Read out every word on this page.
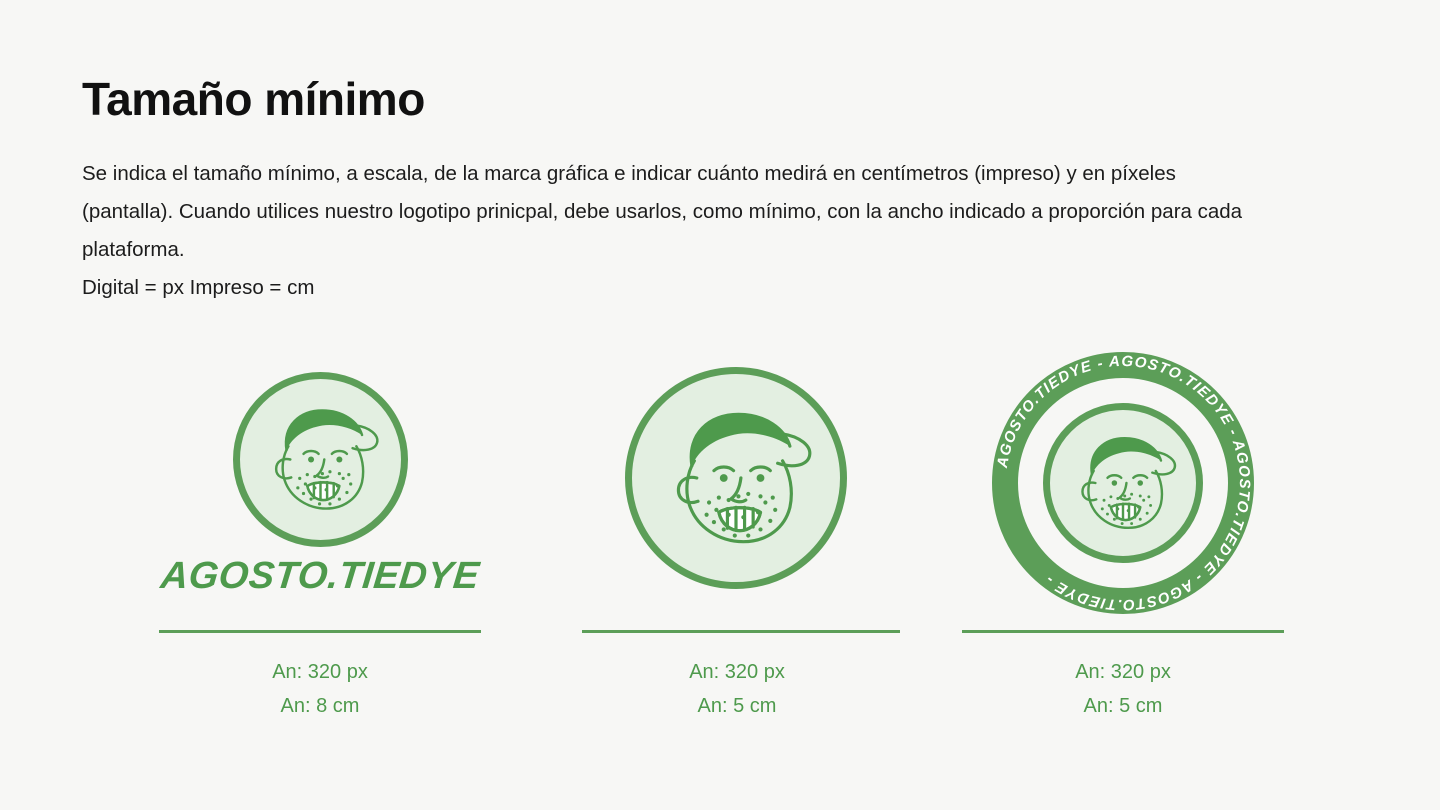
Tamaño mínimo

Se indica el tamaño mínimo, a escala, de la marca gráfica e indicar cuánto medirá en centímetros (impreso) y en píxeles (pantalla). Cuando utilices nuestro logotipo prinicpal, debe usarlos, como mínimo, con la ancho indicado a proporción para cada plataforma.

Digital = px Impreso = cm

AGOSTO.TIEDYE
An: 320 px
An: 8 cm
An: 320 px
An: 5 cm
AGOSTO.TIEDYE - AGOSTO.TIEDYE - AGOSTO.TIEDYE - AGOSTO.TIEDYE -
An: 320 px
An: 5 cm
